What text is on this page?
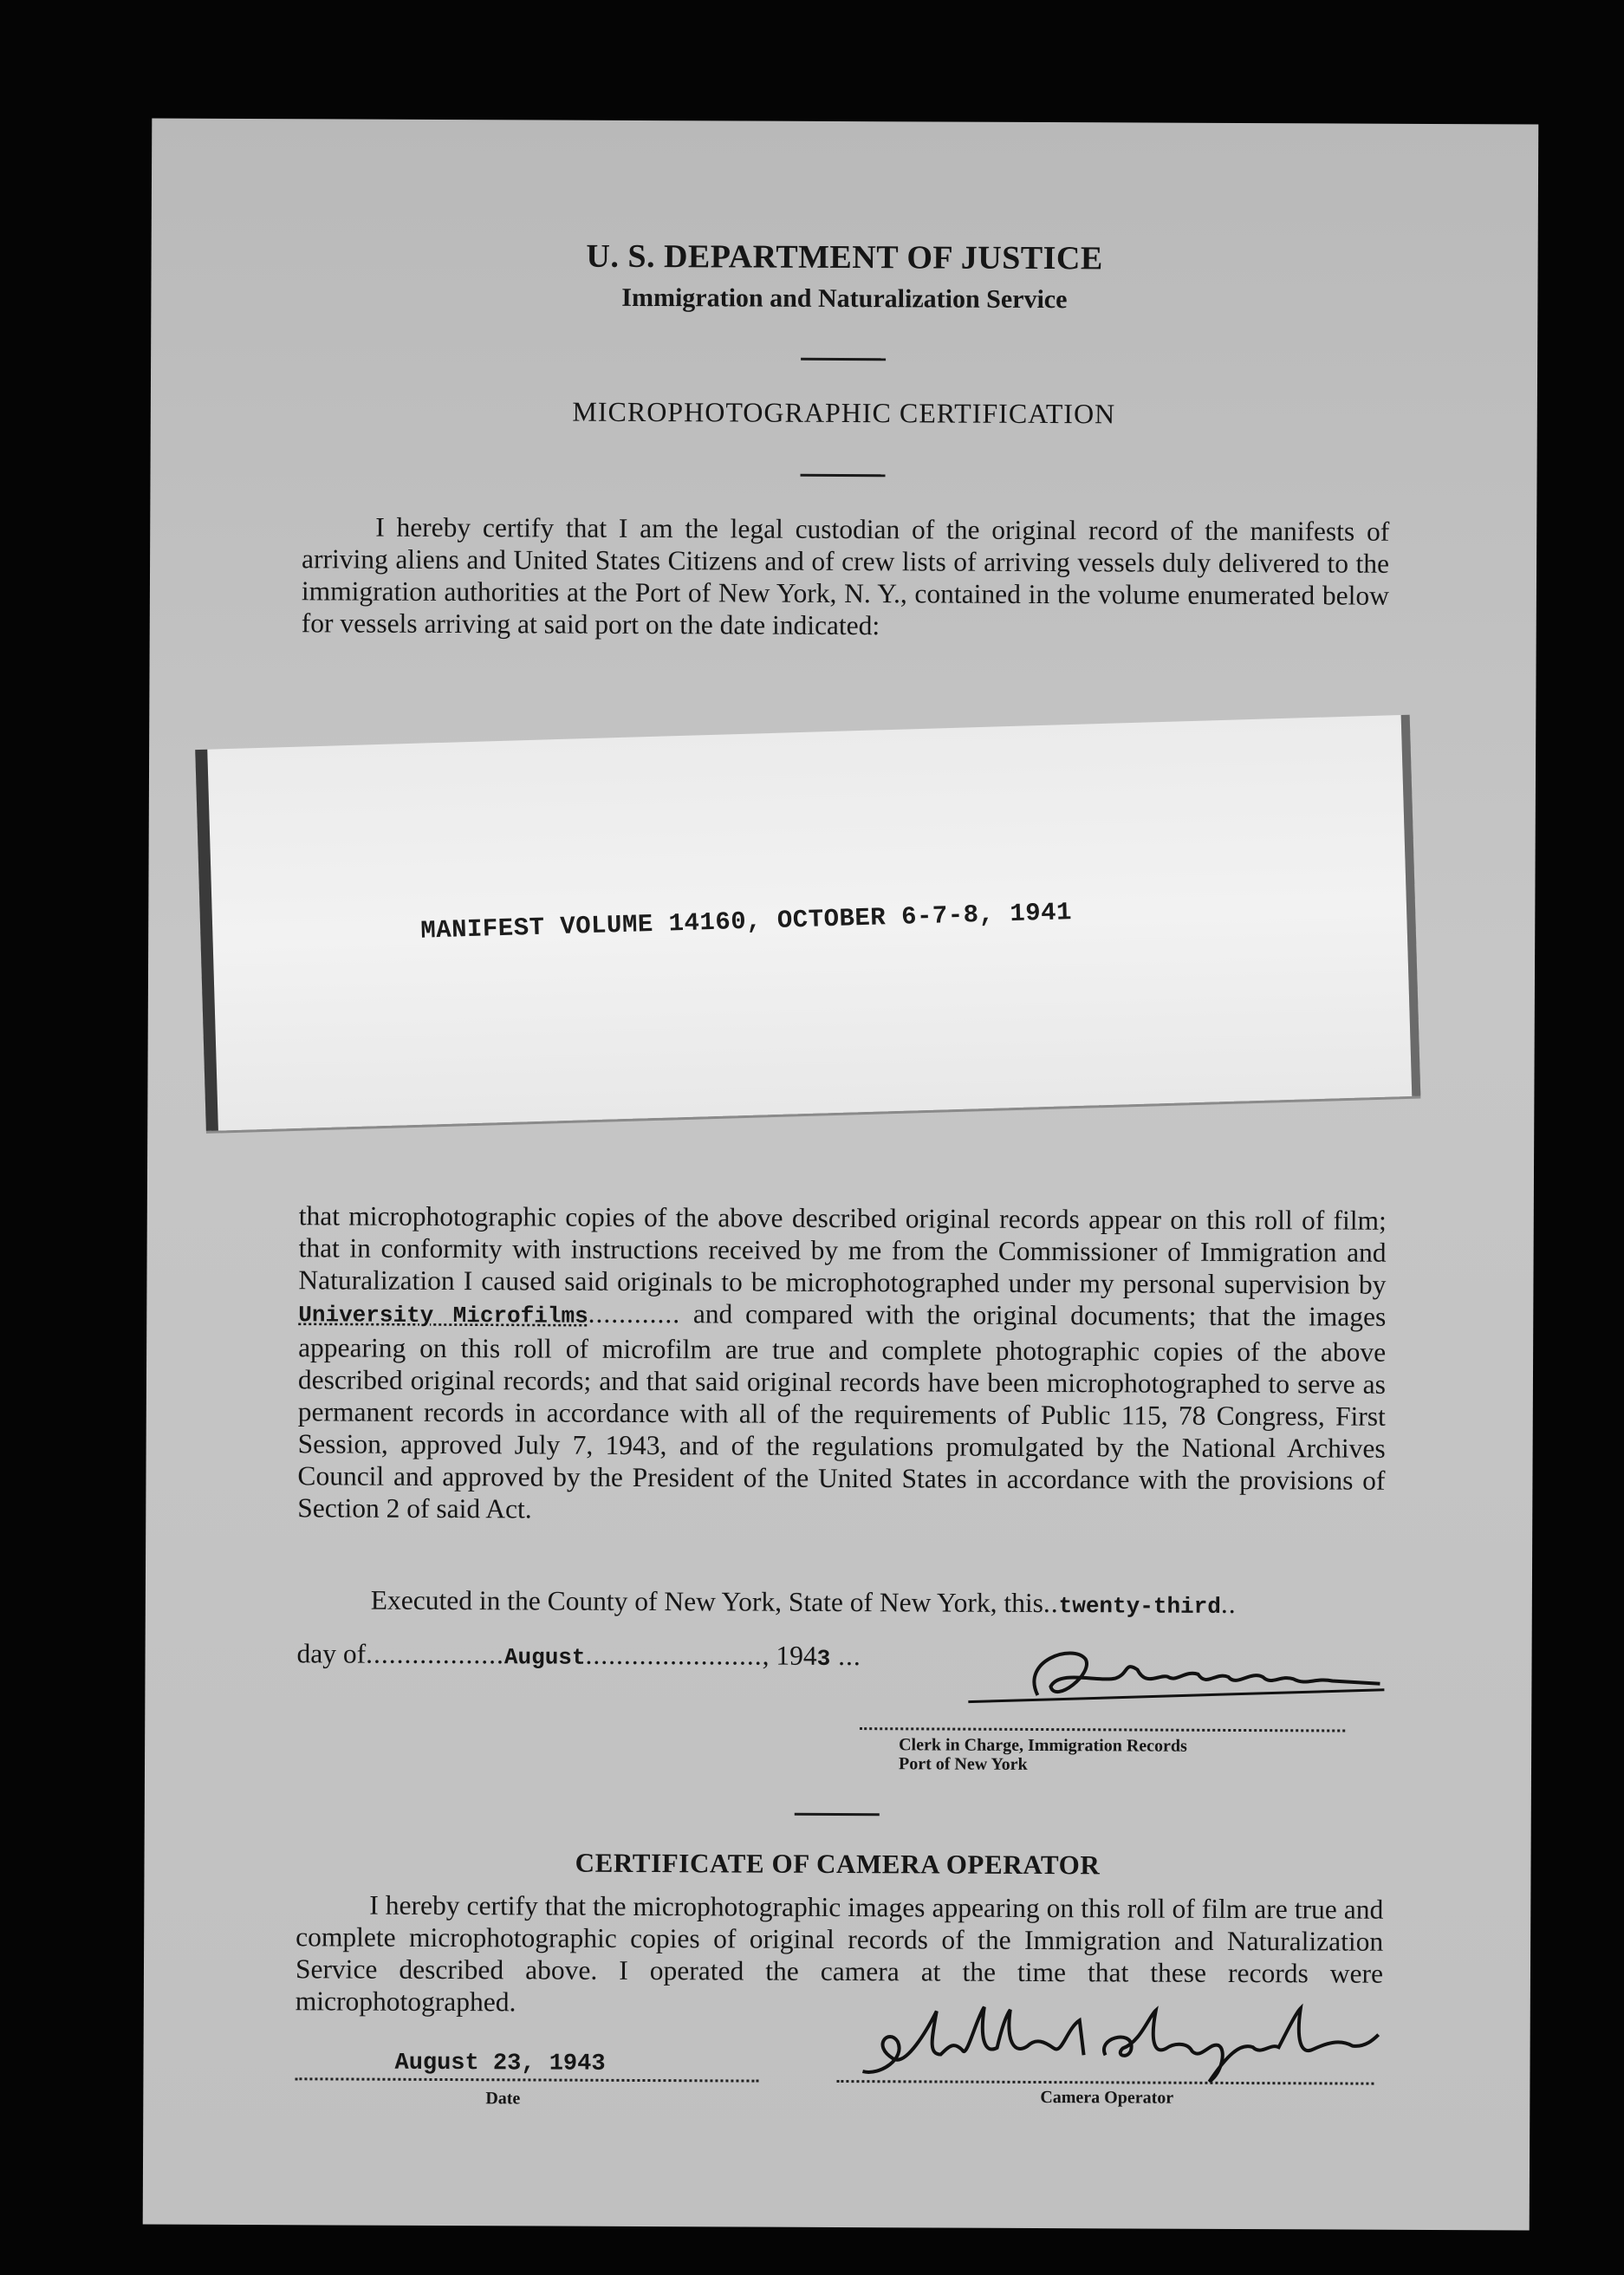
U. S. DEPARTMENT OF JUSTICE
Immigration and Naturalization Service
MICROPHOTOGRAPHIC CERTIFICATION

I hereby certify that I am the legal custodian of the original record of the manifests of arriving aliens and United States Citizens and of crew lists of arriving vessels duly delivered to the immigration authorities at the Port of New York, N. Y., contained in the volume enumerated below for vessels arriving at said port on the date indicated:

MANIFEST VOLUME 14160, OCTOBER 6-7-8, 1941

that microphotographic copies of the above described original records appear on this roll of film; that in conformity with instructions received by me from the Commissioner of Immigration and Naturalization I caused said originals to be microphotographed under my personal supervision by University Microfilms............ and compared with the original documents; that the images appearing on this roll of microfilm are true and complete photographic copies of the above described original records; and that said original records have been microphotographed to serve as permanent records in accordance with all of the requirements of Public 115, 78 Congress, First Session, approved July 7, 1943, and of the regulations promulgated by the National Archives Council and approved by the President of the United States in accordance with the provisions of Section 2 of said Act.

Executed in the County of New York, State of New York, this..twenty-third..

day of..................August......................., 1943 ...
Clerk in Charge, Immigration Records
Port of New York
CERTIFICATE OF CAMERA OPERATOR

I hereby certify that the microphotographic images appearing on this roll of film are true and complete microphotographic copies of original records of the Immigration and Naturalization Service described above. I operated the camera at the time that these records were microphotographed.

August 23, 1943
Date	Camera Operator
